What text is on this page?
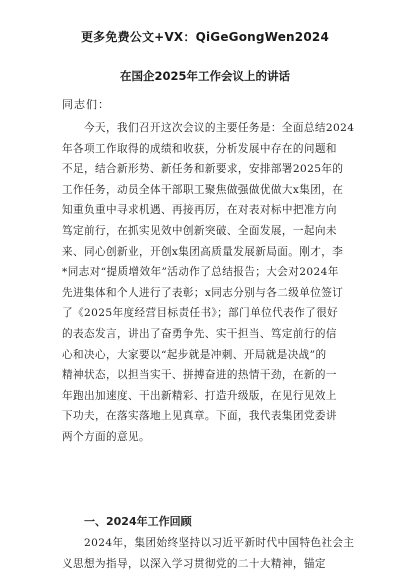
更多免费公文+VX：QiGeGongWen2024
在国企2025年工作会议上的讲话
同志们：
今天，我们召开这次会议的主要任务是：全面总结2024
年各项工作取得的成绩和收获，分析发展中存在的问题和
不足，结合新形势、新任务和新要求，安排部署2025年的
工作任务，动员全体干部职工聚焦做强做优做大x集团，在
知重负重中寻求机遇、再接再厉，在对表对标中把准方向
笃定前行，在抓实见效中创新突破、全面发展，一起向未
来、同心创新业，开创x集团高质量发展新局面。刚才，李
*同志对“提质增效年”活动作了总结报告；大会对2024年
先进集体和个人进行了表彰；x同志分别与各二级单位签订
了《2025年度经营目标责任书》；部门单位代表作了很好
的表态发言，讲出了奋勇争先、实干担当、笃定前行的信
心和决心，大家要以“起步就是冲刺、开局就是决战”的
精神状态，以担当实干、拼搏奋进的热情干劲，在新的一
年跑出加速度、干出新精彩、打造升级版，在见行见效上
下功夫，在落实落地上见真章。下面，我代表集团党委讲
两个方面的意见。
一、2024年工作回顾
2024年，集团始终坚持以习近平新时代中国特色社会主
义思想为指导，以深入学习贯彻党的二十大精神，锚定
